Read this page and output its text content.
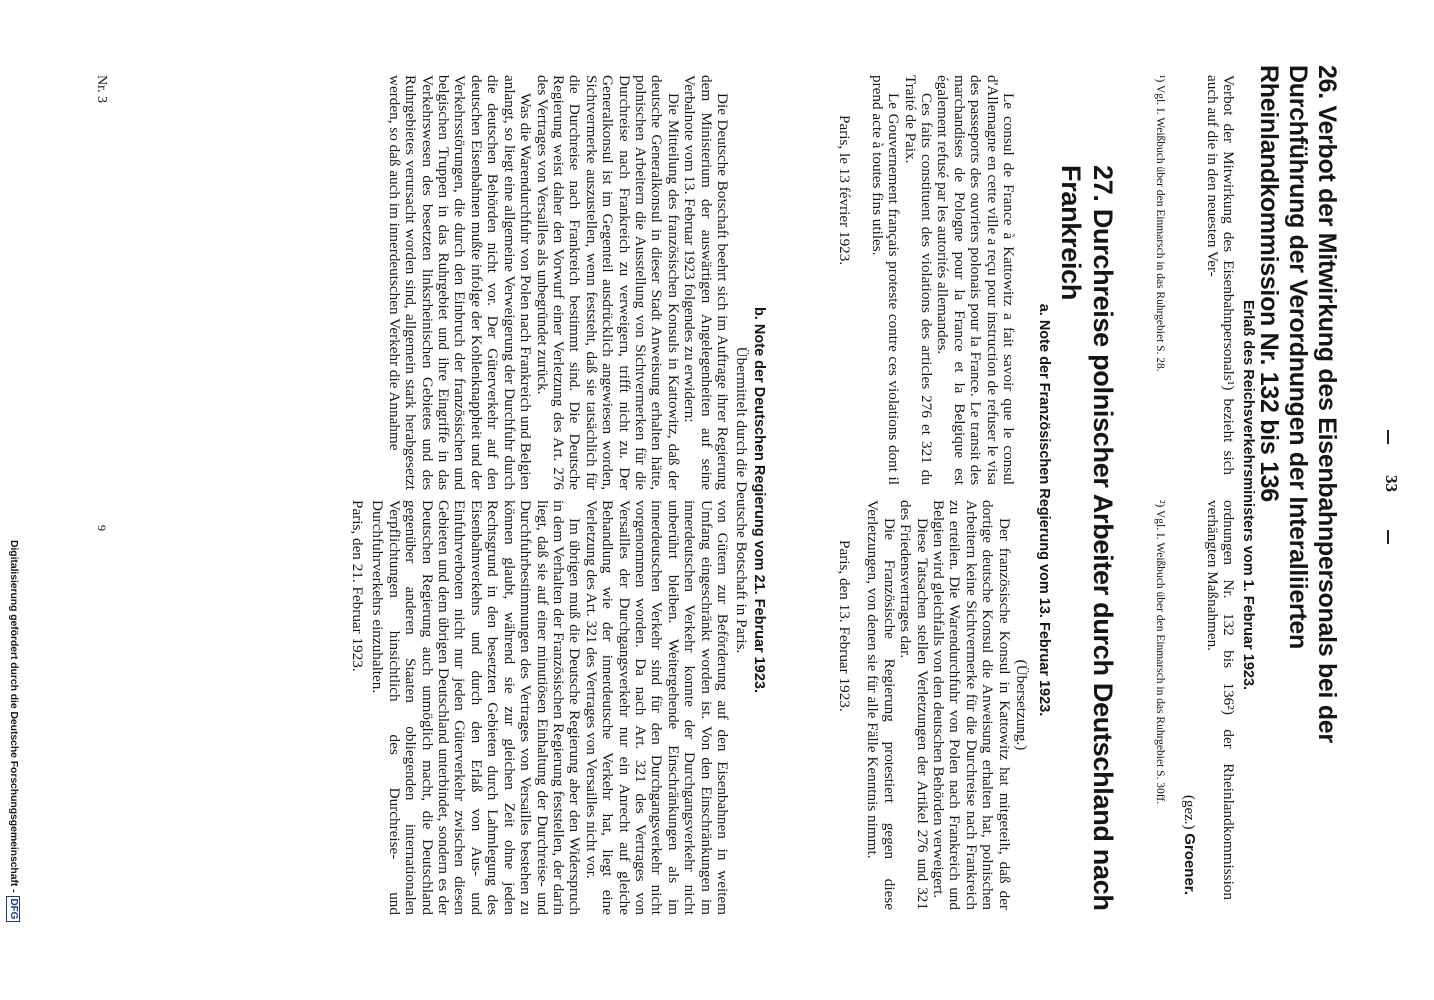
33
26. Verbot der Mitwirkung des Eisenbahnpersonals bei der Durchführung der Verordnungen der Interalliierten Rheinlandkommission Nr. 132 bis 136
Erlaß des Reichsverkehrsministers vom 1. Februar 1923.

Verbot der Mitwirkung des Eisenbahnpersonals¹) bezieht sich auch auf die in den neuesten Ver-

ordnungen Nr. 132 bis 136²) der Rheinlandkommission verhängten Maßnahmen.

(gez.) Groener.
¹) Vgl. I. Weißbuch über den Einmarsch in das Ruhrgebiet S. 28.
²) Vgl. I. Weißbuch über den Einmarsch in das Ruhrgebiet S. 30ff.
27. Durchreise polnischer Arbeiter durch Deutschland nach Frankreich
a. Note der Französischen Regierung vom 13. Februar 1923.

Le consul de France à Kattowitz a fait savoir que le consul d'Allemagne en cette ville a reçu pour instruction de refuser le visa des passeports des ouvriers polonais pour la France. Le transit des marchandises de Pologne pour la France et la Belgique est également refusé par les autorités allemandes.

Ces faits constituent des violations des articles 276 et 321 du Traité de Paix.

Le Gouvernement français proteste contre ces violations dont il prend acte à toutes fins utiles.

Paris, le 13 février 1923.

(Übersetzung.)

Der französische Konsul in Kattowitz hat mitgeteilt, daß der dortige deutsche Konsul die Anweisung erhalten hat, polnischen Arbeitern keine Sichtvermerke für die Durchreise nach Frankreich zu erteilen. Die Warendurchfuhr von Polen nach Frankreich und Belgien wird gleichfalls von den deutschen Behörden verweigert.

Diese Tatsachen stellen Verletzungen der Artikel 276 und 321 des Friedensvertrages dar.

Die Französische Regierung protestiert gegen diese Verletzungen, von denen sie für alle Fälle Kenntnis nimmt.

Paris, den 13. Februar 1923.

b. Note der Deutschen Regierung vom 21. Februar 1923.
Übermittelt durch die Deutsche Botschaft in Paris.

Die Deutsche Botschaft beehrt sich im Auftrage ihrer Regierung dem Ministerium der auswärtigen Angelegenheiten auf seine Verbalnote vom 13. Februar 1923 folgendes zu erwidern:

Die Mitteilung des französischen Konsuls in Kattowitz, daß der deutsche Generalkonsul in dieser Stadt Anweisung erhalten hätte, polnischen Arbeitern die Ausstellung von Sichtvermerken für die Durchreise nach Frankreich zu verweigern, trifft nicht zu. Der Generalkonsul ist im Gegenteil ausdrücklich angewiesen worden, Sichtvermerke auszustellen, wenn feststeht, daß sie tatsächlich für die Durchreise nach Frankreich bestimmt sind. Die Deutsche Regierung weist daher den Vorwurf einer Verletzung des Art. 276 des Vertrages von Versailles als unbegründet zurück.

Was die Warendurchfuhr von Polen nach Frankreich und Belgien anlangt, so liegt eine allgemeine Verweigerung der Durchfuhr durch die deutschen Behörden nicht vor. Der Güterverkehr auf den deutschen Eisenbahnen mußte infolge der Kohlenknappheit und der Verkehrsstörungen, die durch den Einbruch der französischen und belgischen Truppen in das Ruhrgebiet und ihre Eingriffe in das Verkehrswesen des besetzten linksrheinischen Gebietes und des Ruhrgebietes verursacht worden sind, allgemein stark herabgesetzt werden, so daß auch im innerdeutschen Verkehr die Annahme

von Gütern zur Beförderung auf den Eisenbahnen in weitem Umfang eingeschränkt worden ist. Von den Einschränkungen im innerdeutschen Verkehr konnte der Durchgangsverkehr nicht unberührt bleiben. Weitergehende Einschränkungen als im innerdeutschen Verkehr sind für den Durchgangsverkehr nicht vorgenommen worden. Da nach Art. 321 des Vertrages von Versailles der Durchgangsverkehr nur ein Anrecht auf gleiche Behandlung wie der innerdeutsche Verkehr hat, liegt eine Verletzung des Art. 321 des Vertrages von Versailles nicht vor.

Im übrigen muß die Deutsche Regierung aber den Widerspruch in dem Verhalten der Französischen Regierung feststellen, der darin liegt, daß sie auf einer minutiösen Einhaltung der Durchreise- und Durchfuhrbestimmungen des Vertrages von Versailles bestehen zu können glaubt, während sie zur gleichen Zeit ohne jeden Rechtsgrund in den besetzten Gebieten durch Lahmlegung des Eisenbahnverkehrs und durch den Erlaß von Aus- und Einfuhrverboten nicht nur jeden Güterverkehr zwischen diesen Gebieten und dem übrigen Deutschland unterbindet, sondern es der Deutschen Regierung auch unmöglich macht, die Deutschland gegenüber anderen Staaten obliegenden internationalen Verpflichtungen hinsichtlich des Durchreise- und Durchfuhrverkehrs einzuhalten.

Paris, den 21. Februar 1923.

Nr. 3
9
Digitalisierung gefördert durch die Deutsche Forschungsgemeinschaft -DFG
